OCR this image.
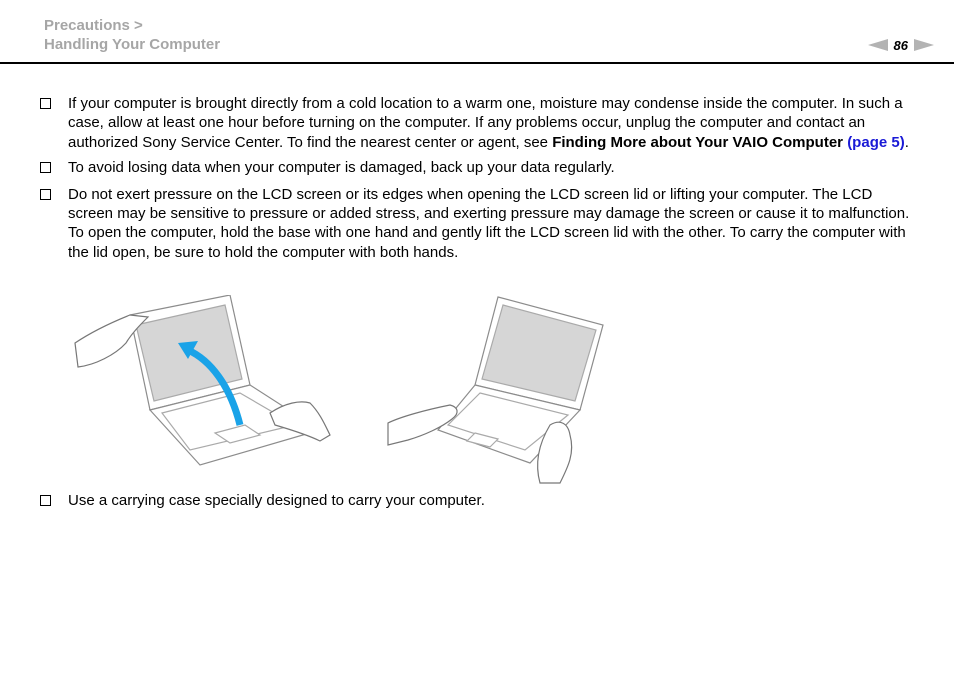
Precautions >
Handling Your Computer	86
If your computer is brought directly from a cold location to a warm one, moisture may condense inside the computer. In such a case, allow at least one hour before turning on the computer. If any problems occur, unplug the computer and contact an authorized Sony Service Center. To find the nearest center or agent, see Finding More about Your VAIO Computer (page 5).
To avoid losing data when your computer is damaged, back up your data regularly.
Do not exert pressure on the LCD screen or its edges when opening the LCD screen lid or lifting your computer. The LCD screen may be sensitive to pressure or added stress, and exerting pressure may damage the screen or cause it to malfunction. To open the computer, hold the base with one hand and gently lift the LCD screen lid with the other. To carry the computer with the lid open, be sure to hold the computer with both hands.
Use a carrying case specially designed to carry your computer.
